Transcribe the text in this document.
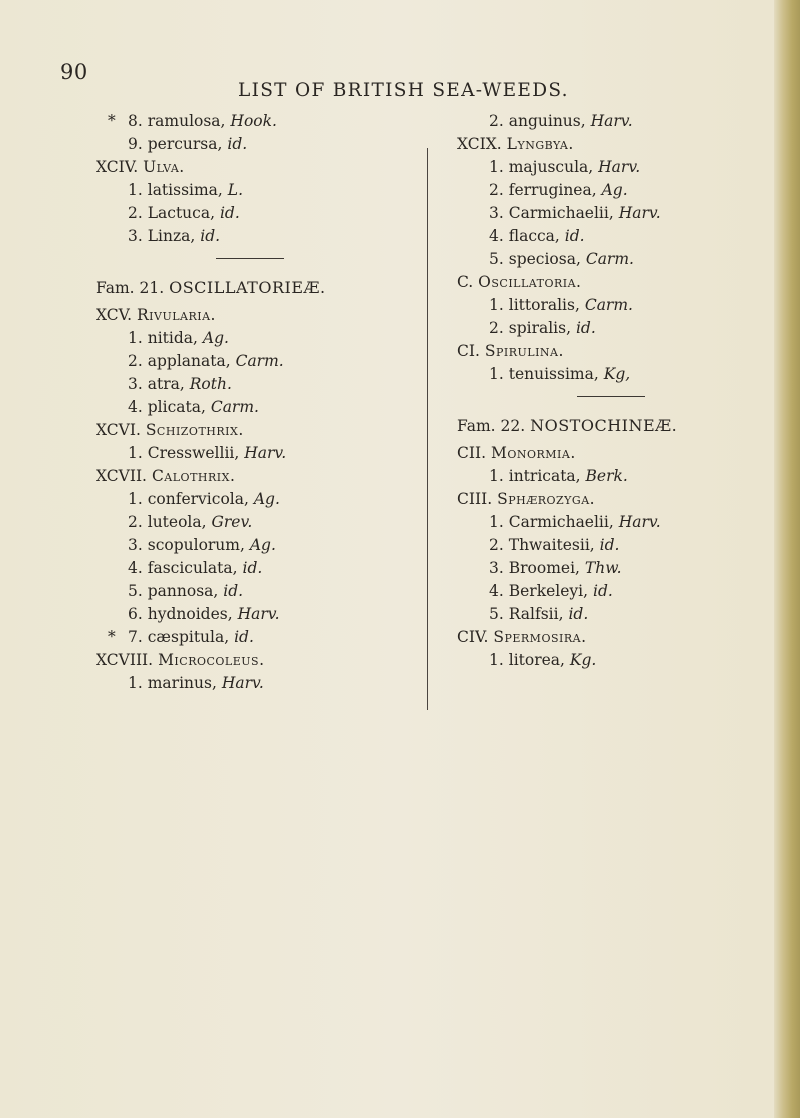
90
LIST OF BRITISH SEA-WEEDS.
* 8. ramulosa, Hook.
9. percursa, id.
XCIV. Ulva.
1. latissima, L.
2. Lactuca, id.
3. Linza, id.
Fam. 21. OSCILLATORIEÆ.
XCV. Rivularia.
1. nitida, Ag.
2. applanata, Carm.
3. atra, Roth.
4. plicata, Carm.
XCVI. Schizothrix.
1. Cresswellii, Harv.
XCVII. Calothrix.
1. confervicola, Ag.
2. luteola, Grev.
3. scopulorum, Ag.
4. fasciculata, id.
5. pannosa, id.
6. hydnoides, Harv.
* 7. cæspitula, id.
XCVIII. Microcoleus.
1. marinus, Harv.
2. anguinus, Harv.
XCIX. Lyngbya.
1. majuscula, Harv.
2. ferruginea, Ag.
3. Carmichaelii, Harv.
4. flacca, id.
5. speciosa, Carm.
C. Oscillatoria.
1. littoralis, Carm.
2. spiralis, id.
CI. Spirulina.
1. tenuissima, Kg,
Fam. 22. NOSTOCHINEÆ.
CII. Monormia.
1. intricata, Berk.
CIII. Sphærozyga.
1. Carmichaelii, Harv.
2. Thwaitesii, id.
3. Broomei, Thw.
4. Berkeleyi, id.
5. Ralfsii, id.
CIV. Spermosira.
1. litorea, Kg.
